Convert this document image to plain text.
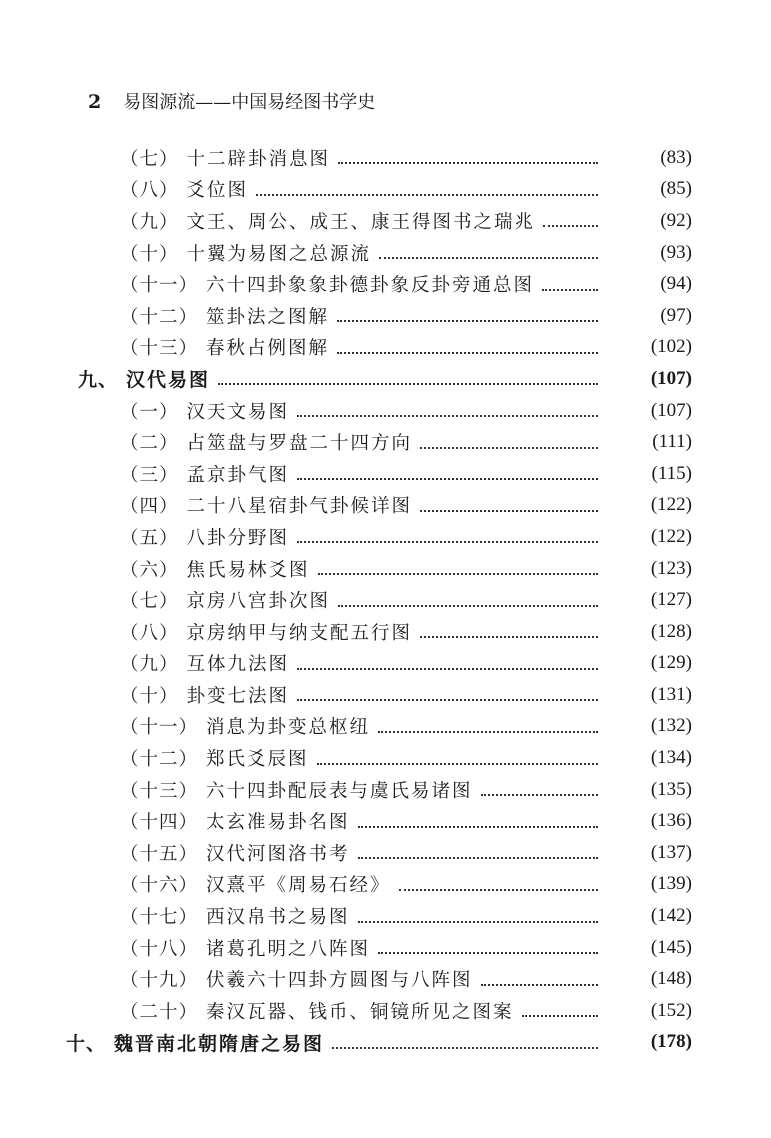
2 易图源流——中国易经图书学史
（七） 十二辟卦消息图	(83)
（八） 爻位图	(85)
（九） 文王、周公、成王、康王得图书之瑞兆	(92)
（十） 十翼为易图之总源流	(93)
（十一） 六十四卦象象卦德卦象反卦旁通总图	(94)
（十二） 筮卦法之图解	(97)
（十三） 春秋占例图解	(102)
九、 汉代易图	(107)
（一） 汉天文易图	(107)
（二） 占筮盘与罗盘二十四方向	(111)
（三） 孟京卦气图	(115)
（四） 二十八星宿卦气卦候详图	(122)
（五） 八卦分野图	(122)
（六） 焦氏易林爻图	(123)
（七） 京房八宫卦次图	(127)
（八） 京房纳甲与纳支配五行图	(128)
（九） 互体九法图	(129)
（十） 卦变七法图	(131)
（十一） 消息为卦变总枢纽	(132)
（十二） 郑氏爻辰图	(134)
（十三） 六十四卦配辰表与虞氏易诸图	(135)
（十四） 太玄准易卦名图	(136)
（十五） 汉代河图洛书考	(137)
（十六） 汉熹平《周易石经》	(139)
（十七） 西汉帛书之易图	(142)
（十八） 诸葛孔明之八阵图	(145)
（十九） 伏羲六十四卦方圆图与八阵图	(148)
（二十） 秦汉瓦器、钱币、铜镜所见之图案	(152)
十、 魏晋南北朝隋唐之易图	(178)
